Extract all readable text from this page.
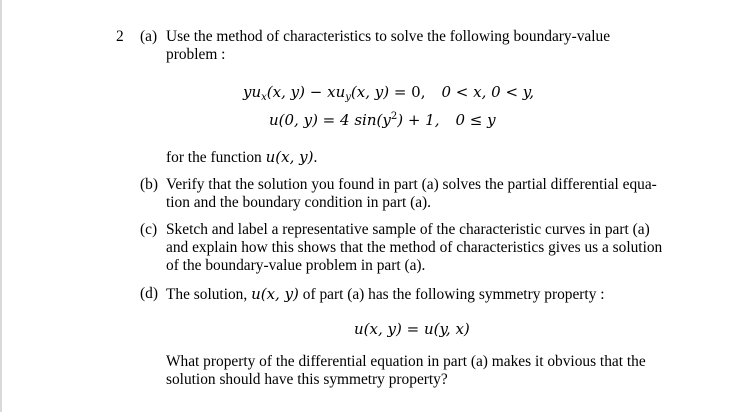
2 (a) Use the method of characteristics to solve the following boundary-value
problem :
$yu_x(x$, $y) - xu_y(x$, y) = 0, 0 < x, 0 < y,
u(0, y) = 4 $\sin(y^2) + 1$, 0 ≤ y
for the function u(x, y).
(b) Verify that the solution you found in part (a) solves the partial differential equa-
tion and the boundary condition in part (a).
(c) Sketch and label a representative sample of the characteristic curves in part (a)
and explain how this shows that the method of characteristics gives us a solution
of the boundary-value problem in part (a).
(d) The solution, u(x, y) of part (a) has the following symmetry property :
u(x, y) = u(y, x)
What property of the differential equation in part (a) makes it obvious that the
solution should have this symmetry property?
